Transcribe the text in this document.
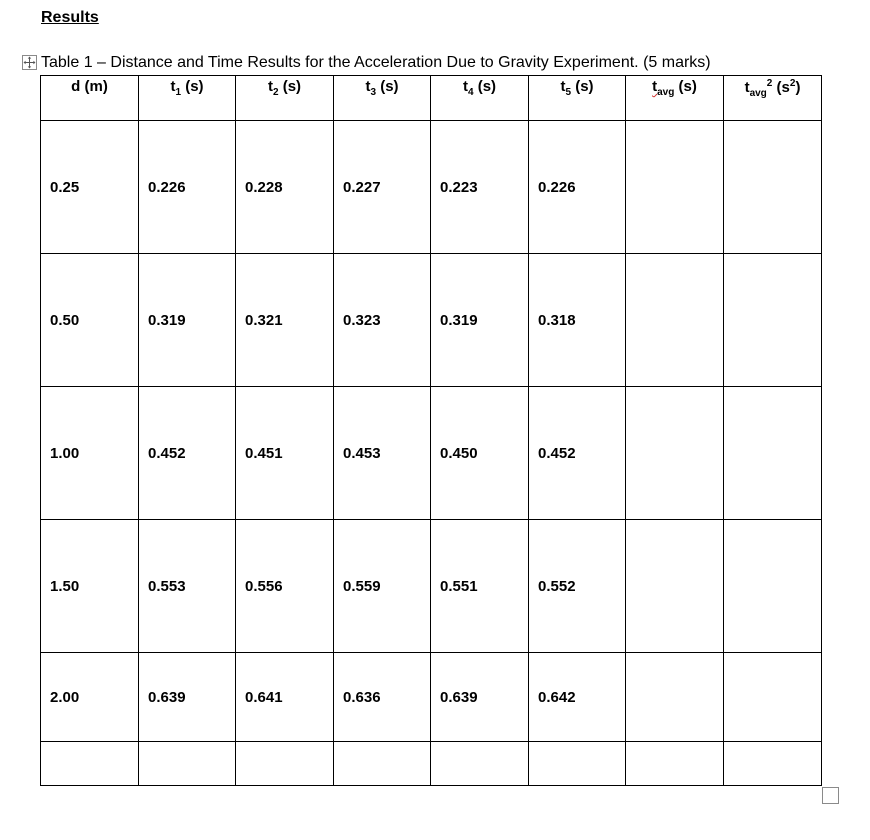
Results
Table 1 – Distance and Time Results for the Acceleration Due to Gravity Experiment. (5 marks)
d (m)	$t_1$ (s)	$t_2$ (s)	$t_3$ (s)	$t_4$ (s)	$t_5$ (s)	$t_{avg}$ (s)	$t_{avg}^2$ $(s^2)$
0.25	0.226	0.228	0.227	0.223	0.226		
0.50	0.319	0.321	0.323	0.319	0.318		
1.00	0.452	0.451	0.453	0.450	0.452		
1.50	0.553	0.556	0.559	0.551	0.552		
2.00	0.639	0.641	0.636	0.639	0.642		
